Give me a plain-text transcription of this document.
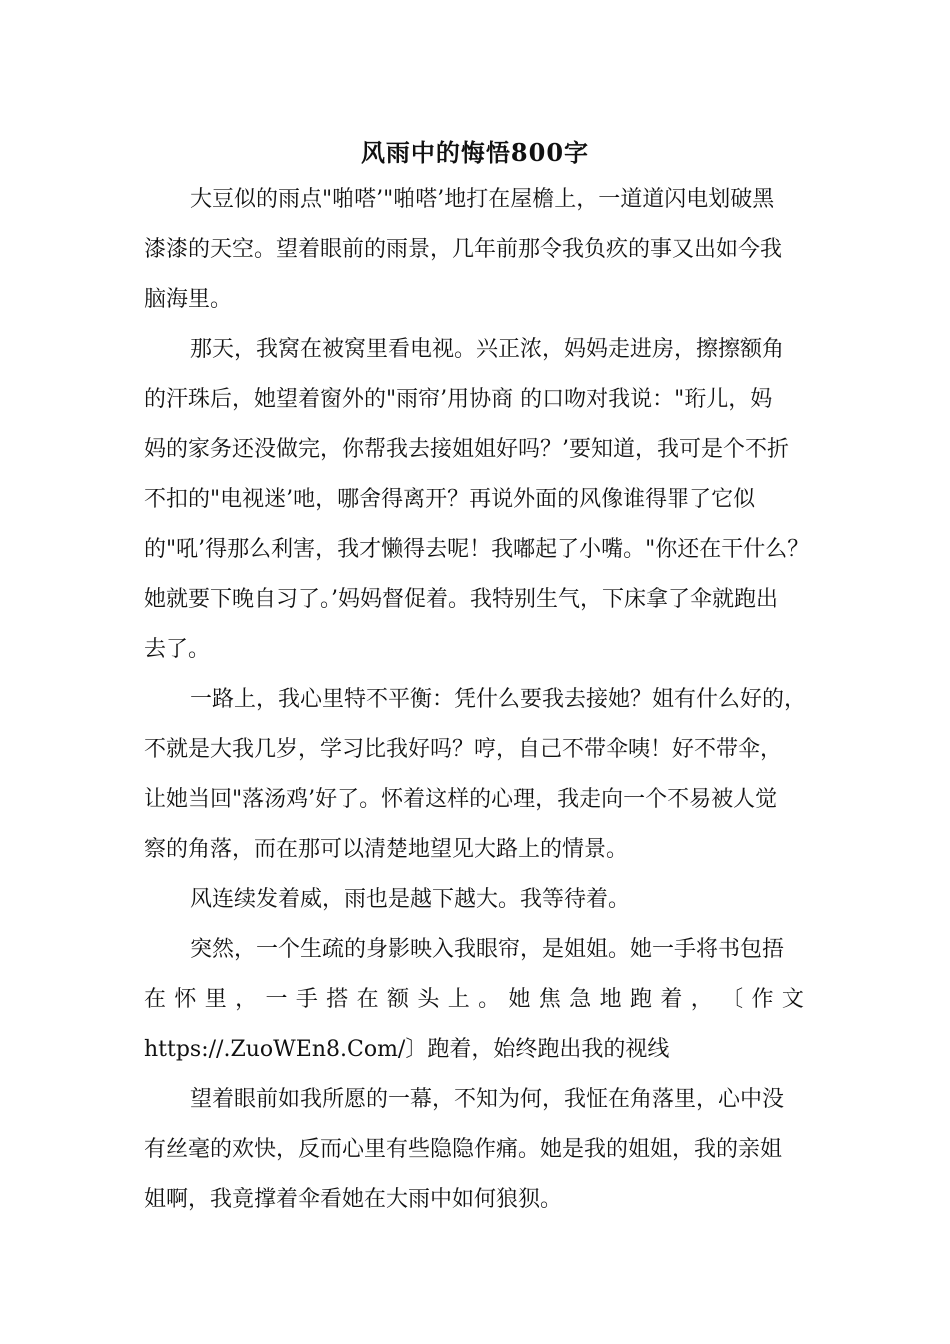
风雨中的悔悟800字
大豆似的雨点"啪嗒’"啪嗒’地打在屋檐上，一道道闪电划破黑
漆漆的天空。望着眼前的雨景，几年前那令我负疚的事又出如今我
脑海里。
那天，我窝在被窝里看电视。兴正浓，妈妈走进房，擦擦额角
的汗珠后，她望着窗外的"雨帘’用协商 的口吻对我说："珩儿，妈
妈的家务还没做完，你帮我去接姐姐好吗？’要知道，我可是个不折
不扣的"电视迷’吔，哪舍得离开？再说外面的风像谁得罪了它似
的"吼’得那么利害，我才懒得去呢！我嘟起了小嘴。"你还在干什么？
她就要下晚自习了。’妈妈督促着。我特别生气，下床拿了伞就跑出
去了。
一路上，我心里特不平衡：凭什么要我去接她？姐有什么好的，
不就是大我几岁，学习比我好吗？哼，自己不带伞咦！好不带伞，
让她当回"落汤鸡’好了。怀着这样的心理，我走向一个不易被人觉
察的角落，而在那可以清楚地望见大路上的情景。
风连续发着威，雨也是越下越大。我等待着。
突然，一个生疏的身影映入我眼帘，是姐姐。她一手将书包捂
在 怀 里 ， 一 手 搭 在 额 头 上 。 她 焦 急 地 跑 着 ， 〔 作 文
https://.ZuoWEn8.Com/〕跑着，始终跑出我的视线
望着眼前如我所愿的一幕，不知为何，我怔在角落里，心中没
有丝毫的欢快，反而心里有些隐隐作痛。她是我的姐姐，我的亲姐
姐啊，我竟撑着伞看她在大雨中如何狼狈。
